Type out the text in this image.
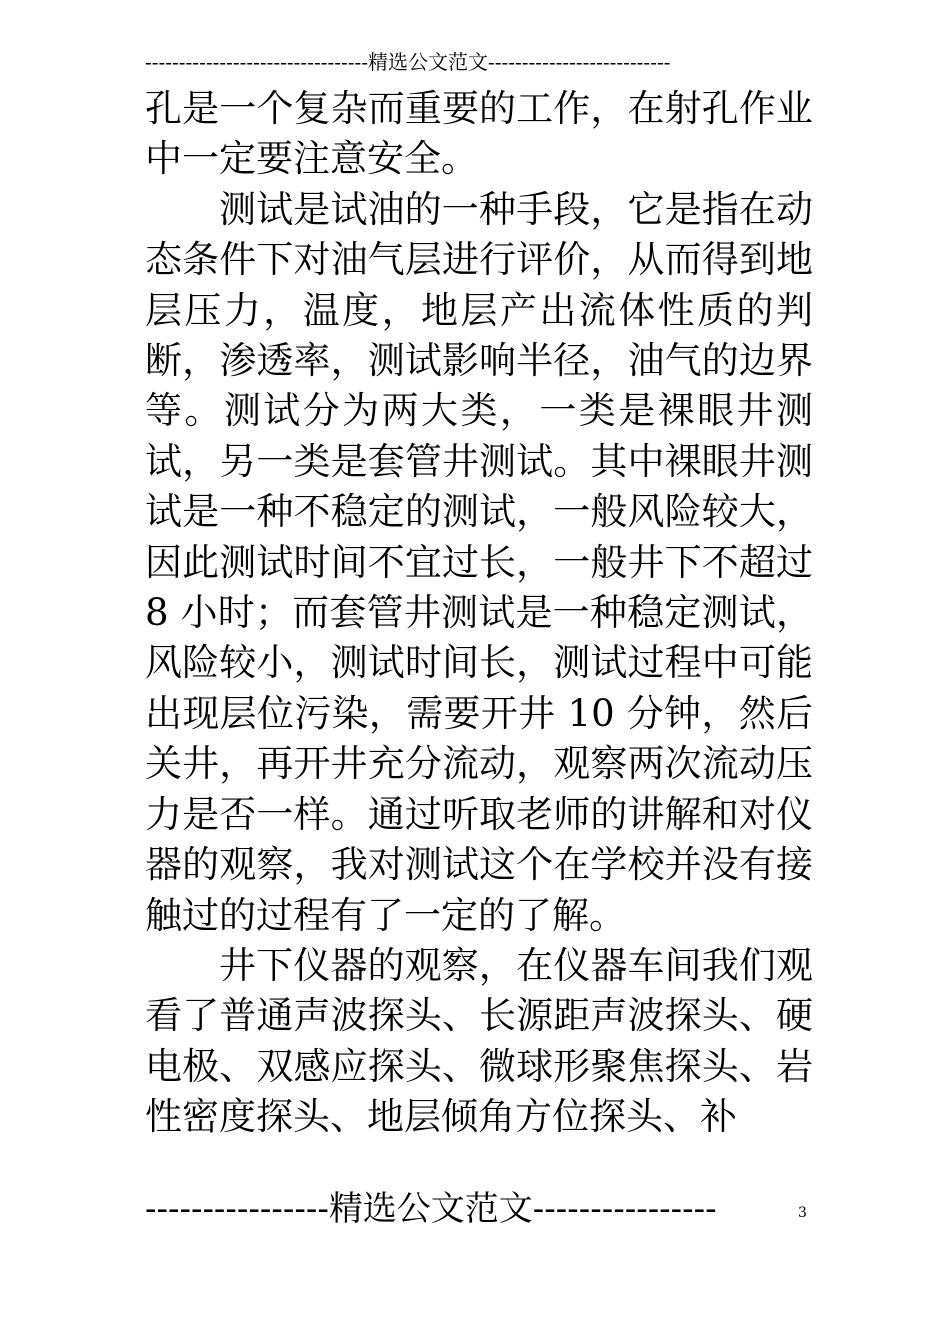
---------------------------------精选公文范文---------------------------

孔是一个复杂而重要的工作，在射孔作业中一定要注意安全。

测试是试油的一种手段，它是指在动态条件下对油气层进行评价，从而得到地层压力，温度，地层产出流体性质的判断，渗透率，测试影响半径，油气的边界等。测试分为两大类，一类是裸眼井测试，另一类是套管井测试。其中裸眼井测试是一种不稳定的测试，一般风险较大，因此测试时间不宜过长，一般井下不超过 8 小时；而套管井测试是一种稳定测试，风险较小，测试时间长，测试过程中可能出现层位污染，需要开井 10 分钟，然后关井，再开井充分流动，观察两次流动压力是否一样。通过听取老师的讲解和对仪器的观察，我对测试这个在学校并没有接触过的过程有了一定的了解。

井下仪器的观察，在仪器车间我们观看了普通声波探头、长源距声波探头、硬电极、双感应探头、微球形聚焦探头、岩性密度探头、地层倾角方位探头、补

----------------精选公文范文----------------	3
